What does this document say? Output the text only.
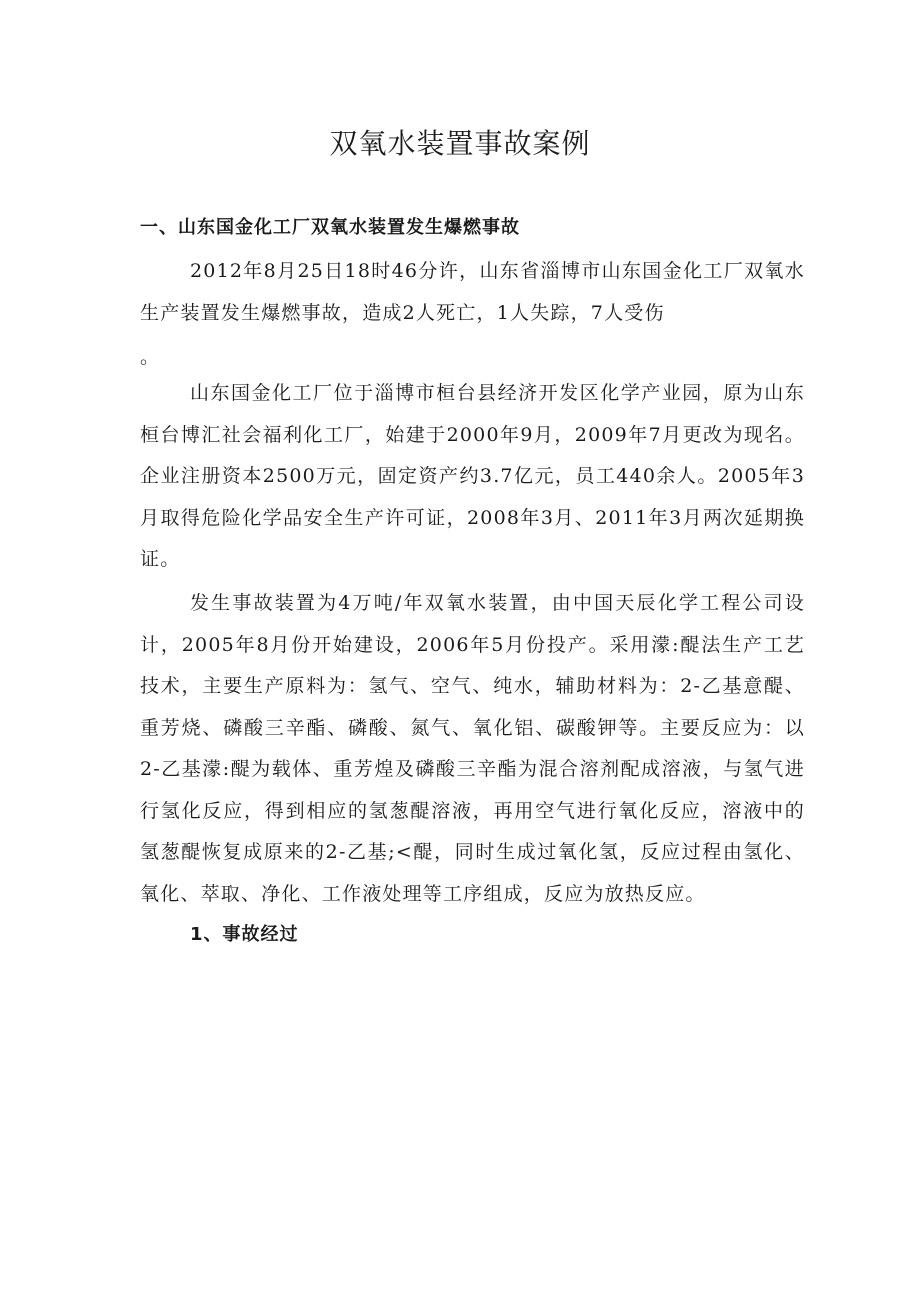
双氧水装置事故案例
一、山东国金化工厂双氧水装置发生爆燃事故

2012年8月25日18时46分许，山东省淄博市山东国金化工厂双氧水生产装置发生爆燃事故，造成2人死亡，1人失踪，7人受伤

。

山东国金化工厂位于淄博市桓台县经济开发区化学产业园，原为山东桓台博汇社会福利化工厂，始建于2000年9月，2009年7月更改为现名。企业注册资本2500万元，固定资产约3.7亿元，员工440余人。2005年3月取得危险化学品安全生产许可证，2008年3月、2011年3月两次延期换证。

发生事故装置为4万吨/年双氧水装置，由中国天辰化学工程公司设计，2005年8月份开始建设，2006年5月份投产。采用濛:醍法生产工艺技术，主要生产原料为：氢气、空气、纯水，辅助材料为：2-乙基意醍、重芳烧、磷酸三辛酯、磷酸、氮气、氧化铝、碳酸钾等。主要反应为：以2-乙基濛:醍为载体、重芳煌及磷酸三辛酯为混合溶剂配成溶液，与氢气进行氢化反应，得到相应的氢葱醍溶液，再用空气进行氧化反应，溶液中的氢葱醍恢复成原来的2-乙基;<醍，同时生成过氧化氢，反应过程由氢化、氧化、萃取、净化、工作液处理等工序组成，反应为放热反应。

1、事故经过
